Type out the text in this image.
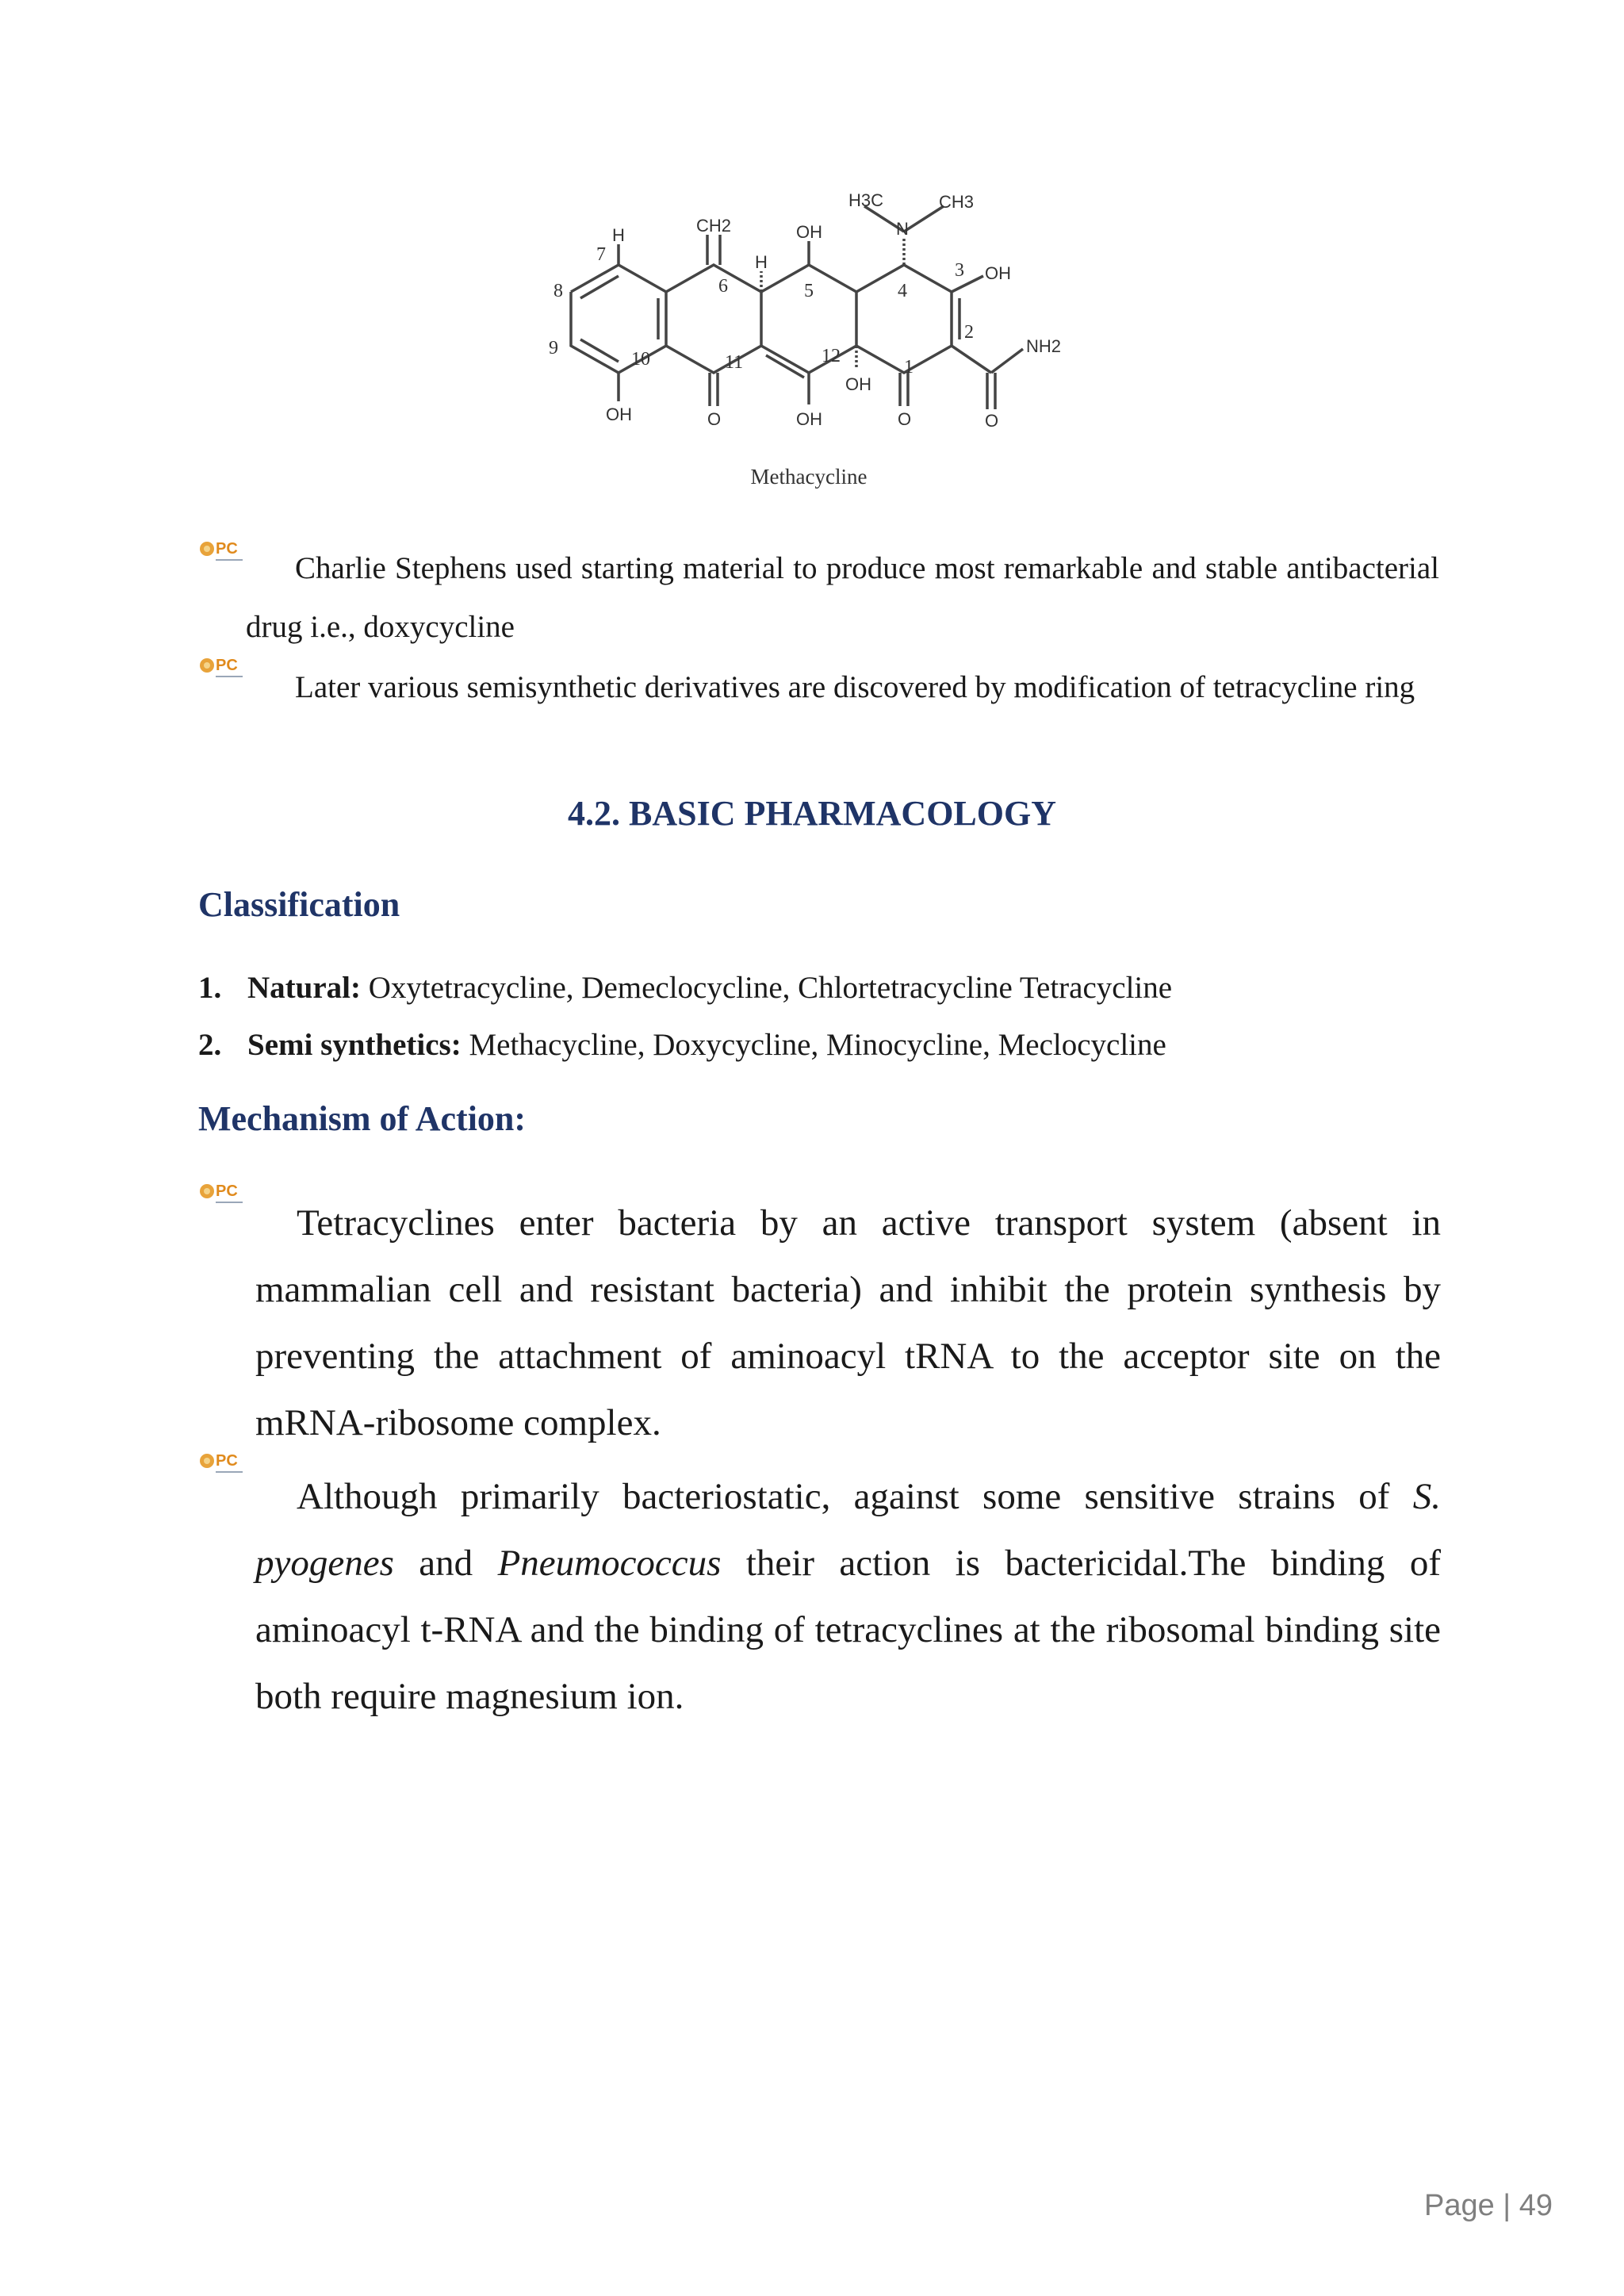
H3C	CH3
N
H	CH2	OH
H
OH
NH2
OH	O	OH
OH
O	O
1
2
3
4
5
6
7
8
9
10	11	12
Methacycline
PC
PC
Charlie Stephens used starting material to produce most remarkable and stable antibacterial drug i.e., doxycycline
Later various semisynthetic derivatives are discovered by modification of tetracycline ring
4.2. BASIC PHARMACOLOGY
Classification
1. Natural: Oxytetracycline, Demeclocycline, Chlortetracycline Tetracycline
2. Semi synthetics: Methacycline, Doxycycline, Minocycline, Meclocycline
Mechanism of Action:
PC
Tetracyclines enter bacteria by an active transport system (absent in mammalian cell and resistant bacteria) and inhibit the protein synthesis by preventing the attachment of aminoacyl tRNA to the acceptor site on the mRNA-ribosome complex.
PC
Although primarily bacteriostatic, against some sensitive strains of S. pyogenes and Pneumococcus their action is bactericidal.The binding of aminoacyl t-RNA and the binding of tetracyclines at the ribosomal binding site both require magnesium ion.
Page | 49
